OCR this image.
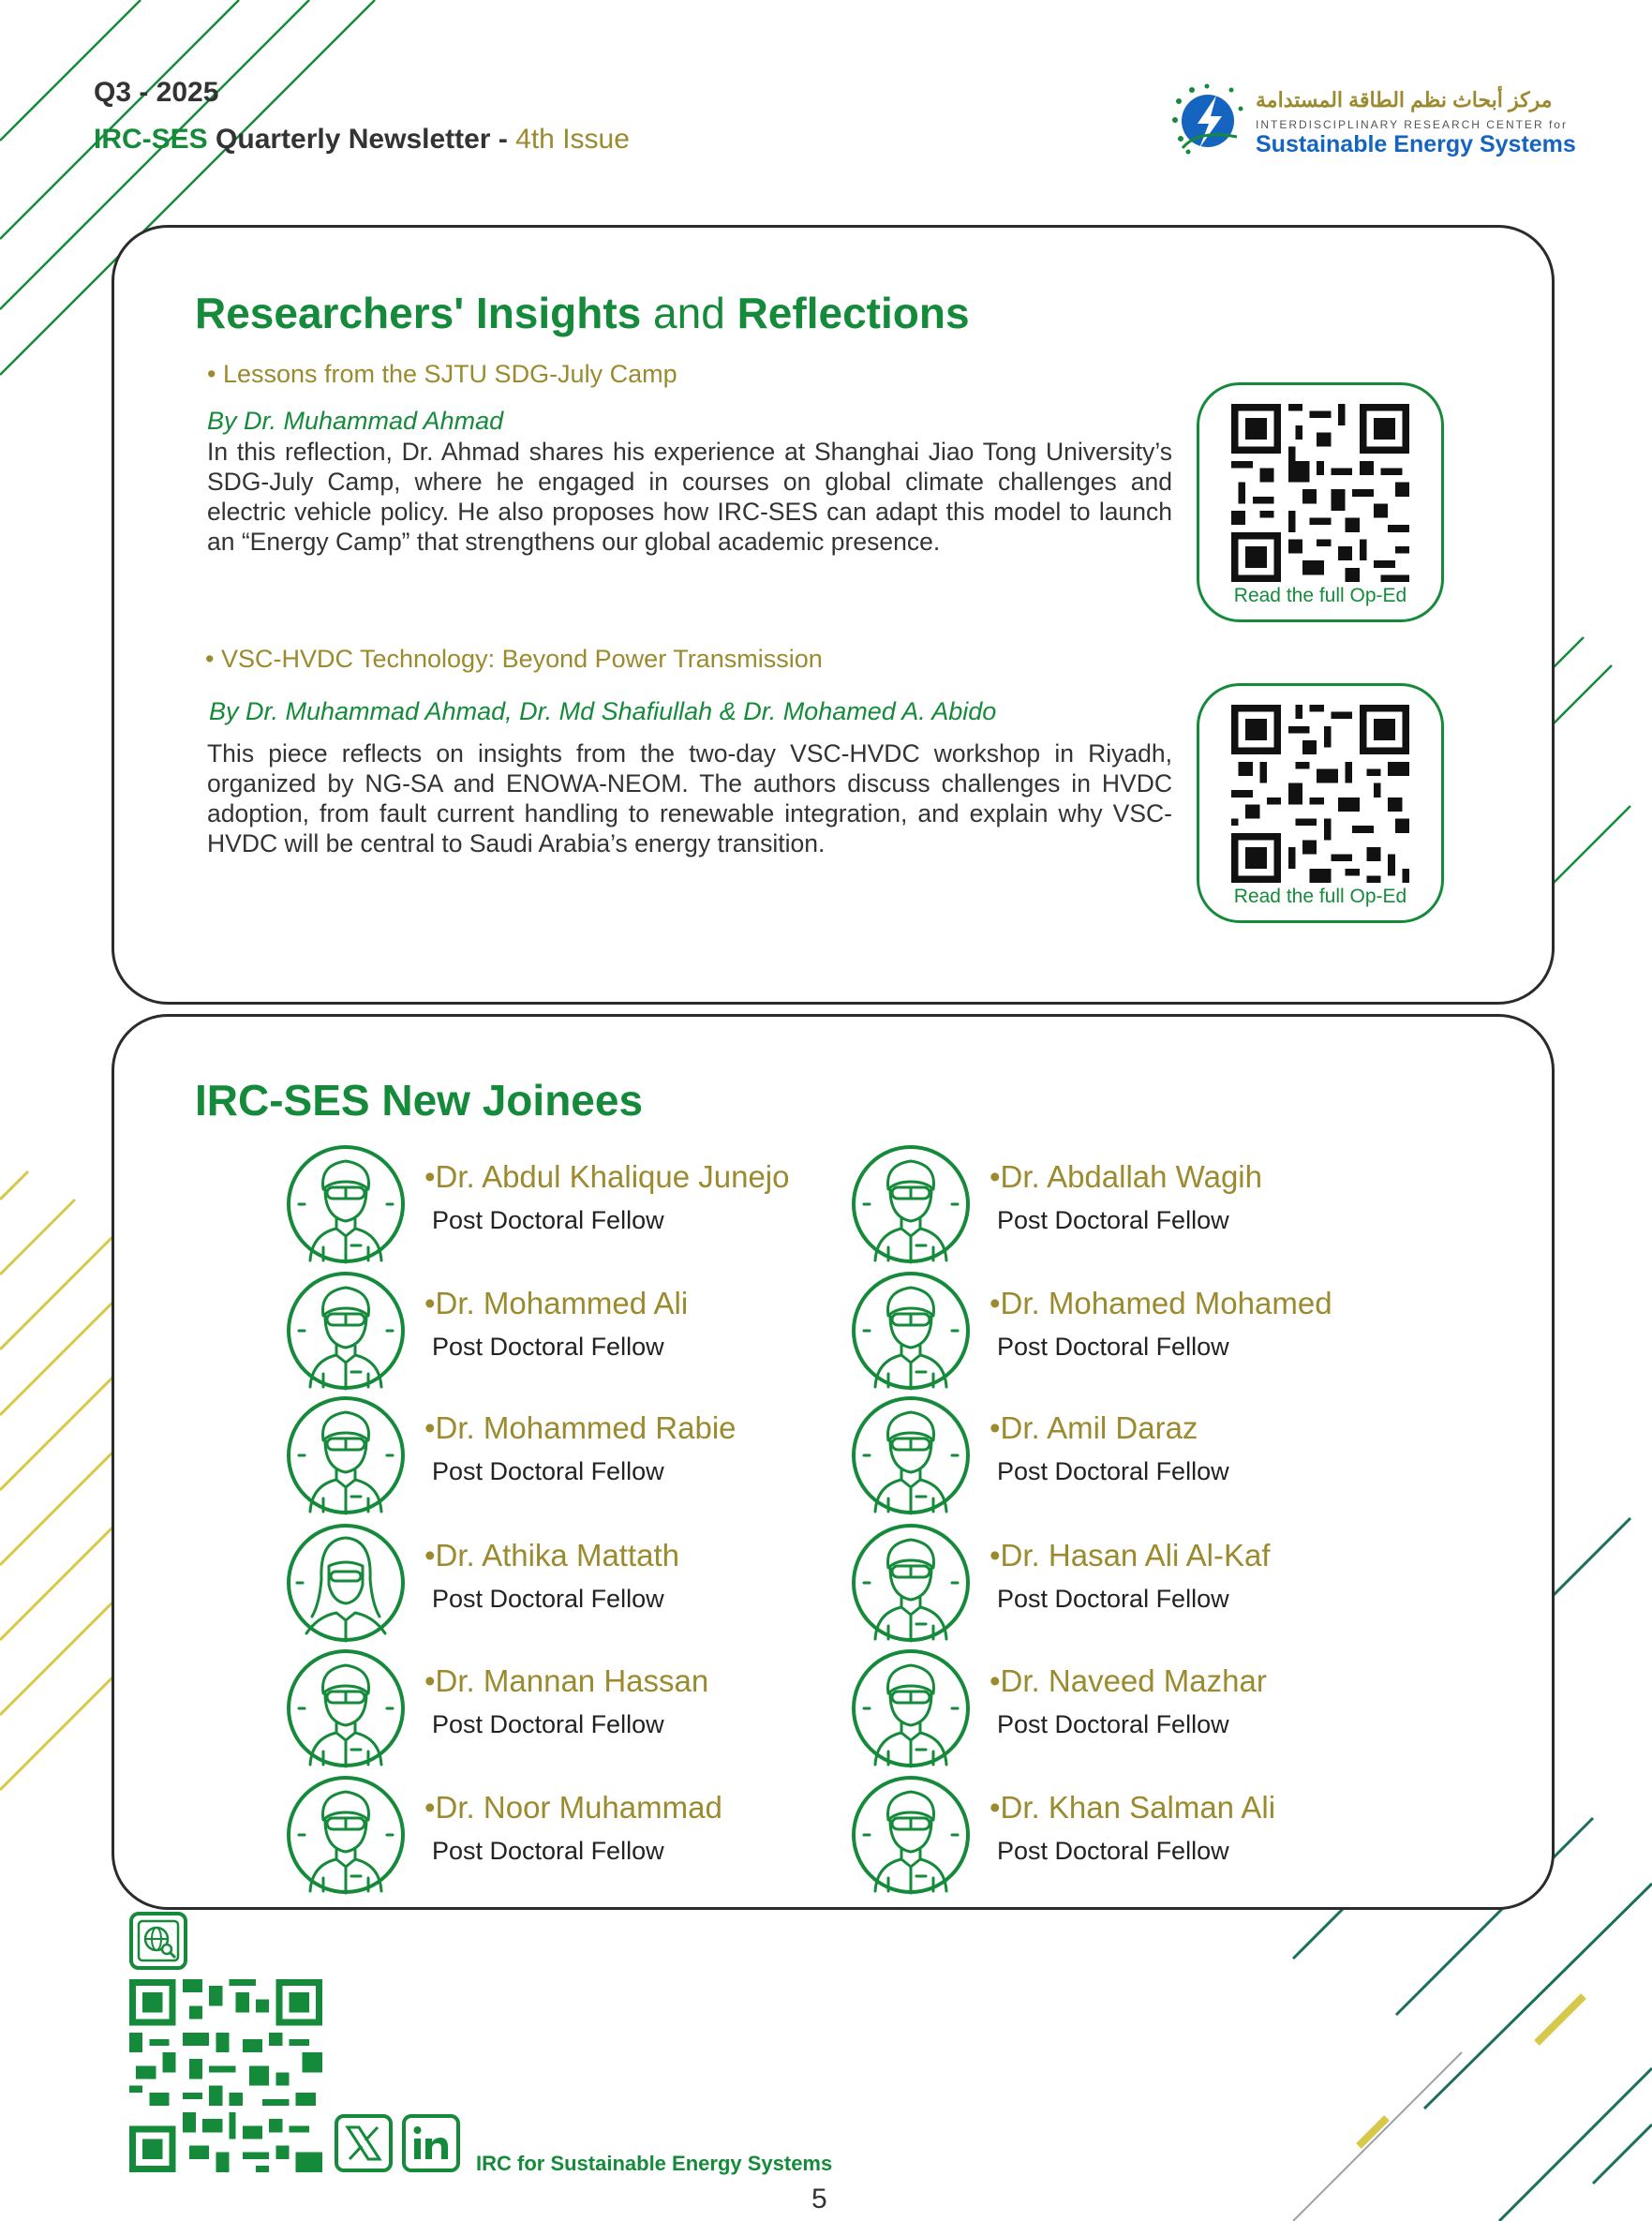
Q3 - 2025
IRC-SES Quarterly Newsletter - 4th Issue
مركز أبحاث نظم الطاقة المستدامة
INTERDISCIPLINARY RESEARCH CENTER for
Sustainable Energy Systems
Researchers' Insights and Reflections
• Lessons from the SJTU SDG-July Camp
By Dr. Muhammad Ahmad
In this reflection, Dr. Ahmad shares his experience at Shanghai Jiao Tong University’s SDG-July Camp, where he engaged in courses on global climate challenges and electric vehicle policy. He also proposes how IRC-SES can adapt this model to launch an “Energy Camp” that strengthens our global academic presence.
Read the full Op-Ed
• VSC-HVDC Technology: Beyond Power Transmission
By Dr. Muhammad Ahmad, Dr. Md Shafiullah & Dr. Mohamed A. Abido
This piece reflects on insights from the two-day VSC-HVDC workshop in Riyadh, organized by NG-SA and ENOWA-NEOM. The authors discuss challenges in HVDC adoption, from fault current handling to renewable integration, and explain why VSC-HVDC will be central to Saudi Arabia’s energy transition.
Read the full Op-Ed
IRC-SES New Joinees
•Dr. Abdul Khalique Junejo
Post Doctoral Fellow
•Dr. Abdallah Wagih
Post Doctoral Fellow
•Dr. Mohammed Ali
Post Doctoral Fellow
•Dr. Mohamed Mohamed
Post Doctoral Fellow
•Dr. Mohammed Rabie
Post Doctoral Fellow
•Dr. Amil Daraz
Post Doctoral Fellow
•Dr. Athika Mattath
Post Doctoral Fellow
•Dr. Hasan Ali Al-Kaf
Post Doctoral Fellow
•Dr. Mannan Hassan
Post Doctoral Fellow
•Dr. Naveed Mazhar
Post Doctoral Fellow
•Dr. Noor Muhammad
Post Doctoral Fellow
•Dr. Khan Salman Ali
Post Doctoral Fellow
IRC for Sustainable Energy Systems
5
